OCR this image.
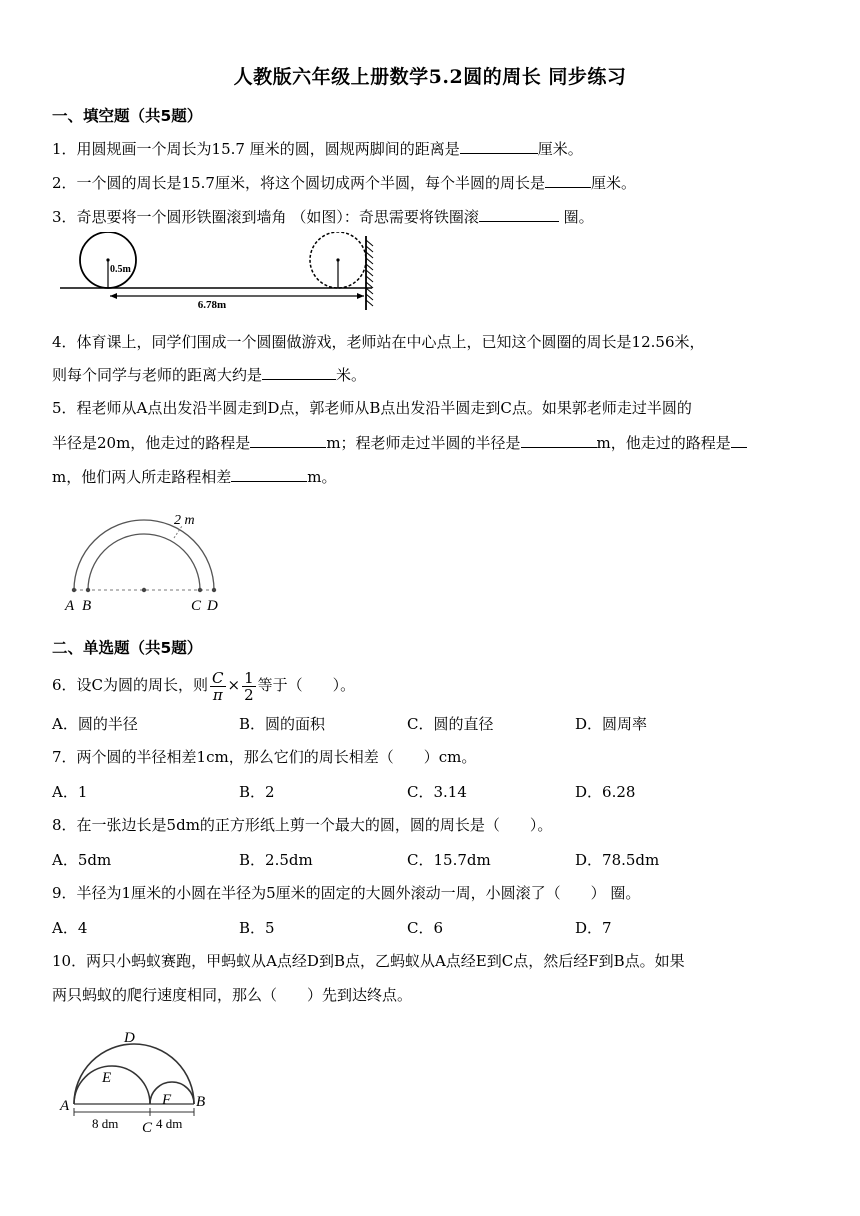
人教版六年级上册数学5.2圆的周长 同步练习
一、填空题（共5题）
1．用圆规画一个周长为15.7 厘米的圆，圆规两脚间的距离是	厘米。
2．一个圆的周长是15.7厘米，将这个圆切成两个半圆，每个半圆的周长是	厘米。
3．奇思要将一个圆形铁圈滚到墙角 （如图）：奇思需要将铁圈滚	圈。
0.5m
6.78m
4．体育课上，同学们围成一个圆圈做游戏，老师站在中心点上，已知这个圆圈的周长是12.56米，
则每个同学与老师的距离大约是	米。
5．程老师从A点出发沿半圆走到D点，郭老师从B点出发沿半圆走到C点。如果郭老师走过半圆的
半径是20m，他走过的路程是	m；程老师走过半圆的半径是	m，他走过的路程是
m，他们两人所走路程相差	m。
2 m
A B	C D
二、单选题（共5题）
6．设C为圆的周长，则 $\frac{C}{\pi} \times \frac{1}{2}$ 等于（　　）。
A．圆的半径	B．圆的面积	C．圆的直径	D．圆周率
7．两个圆的半径相差1cm，那么它们的周长相差（　　）cm。
A．1	B．2	C．3.14	D．6.28
8．在一张边长是5dm的正方形纸上剪一个最大的圆，圆的周长是（　　）。
A．5dm	B．2.5dm	C．15.7dm	D．78.5dm
9．半径为1厘米的小圆在半径为5厘米的固定的大圆外滚动一周，小圆滚了（　　） 圈。
A．4	B．5	C．6	D．7
10．两只小蚂蚁赛跑，甲蚂蚁从A点经D到B点，乙蚂蚁从A点经E到C点，然后经F到B点。如果
两只蚂蚁的爬行速度相同，那么（　　）先到达终点。
D
E
A	F B
C
8 dm	4 dm
